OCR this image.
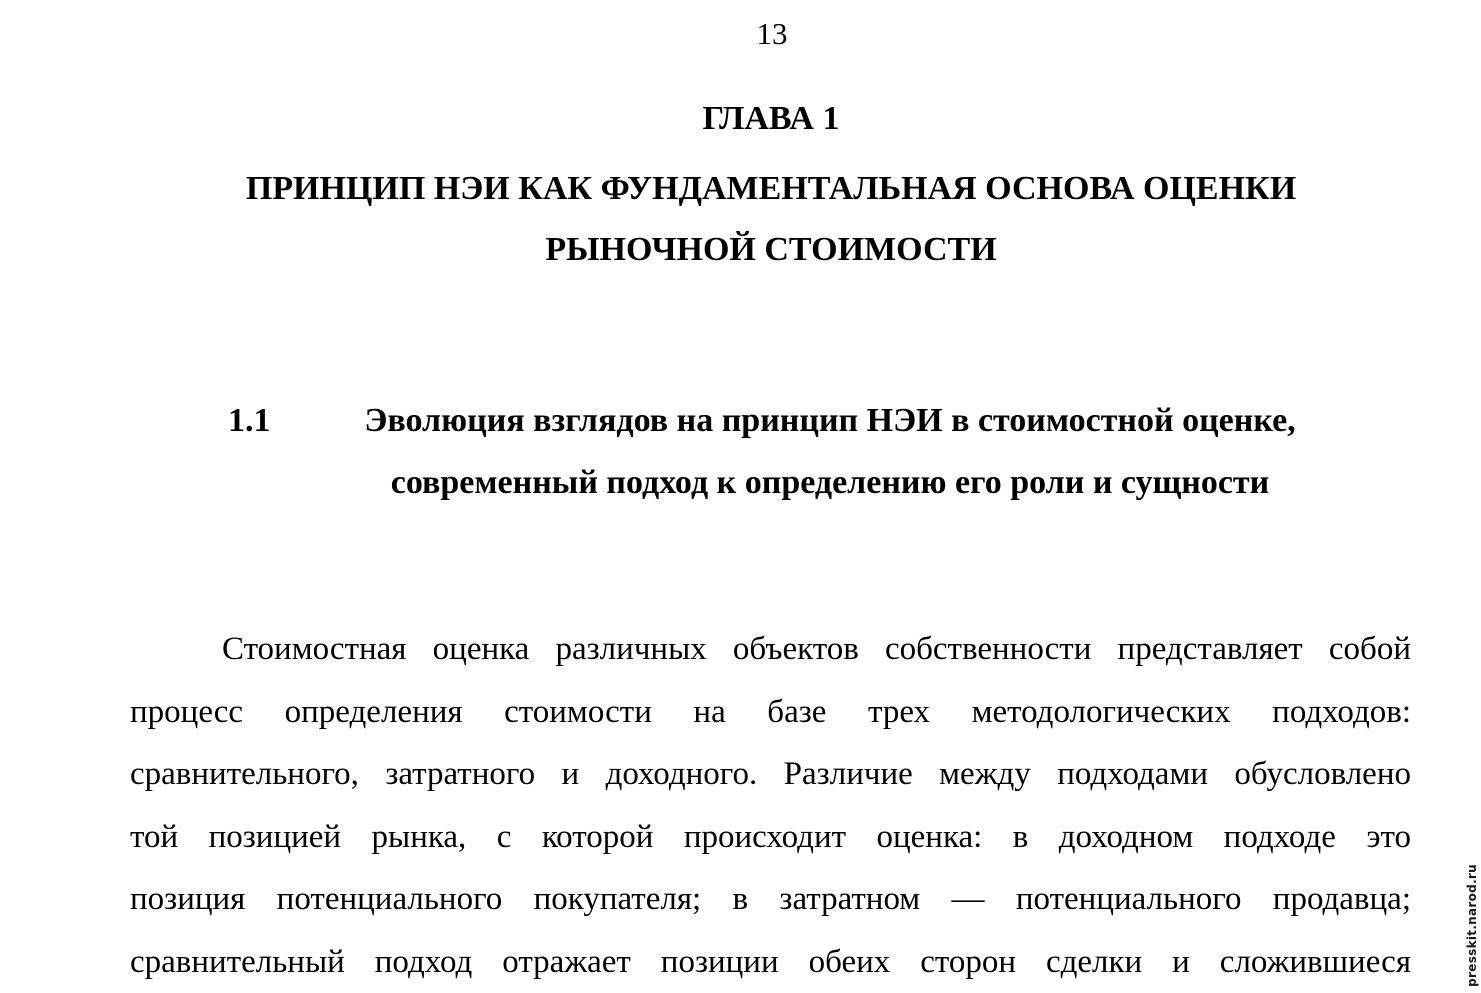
13
ГЛАВА 1
ПРИНЦИП НЭИ КАК ФУНДАМЕНТАЛЬНАЯ ОСНОВА ОЦЕНКИ
РЫНОЧНОЙ СТОИМОСТИ
1.1	Эволюция взглядов на принцип НЭИ в стоимостной оценке,
современный подход к определению его роли и сущности
Стоимостная оценка различных объектов собственности представляет собой
процесс определения стоимости на базе трех методологических подходов:
сравнительного, затратного и доходного. Различие между подходами обусловлено
той позицией рынка, с которой происходит оценка: в доходном подходе это
позиция потенциального покупателя; в затратном — потенциального продавца;
сравнительный подход отражает позиции обеих сторон сделки и сложившиеся	presskit.narod.ru
